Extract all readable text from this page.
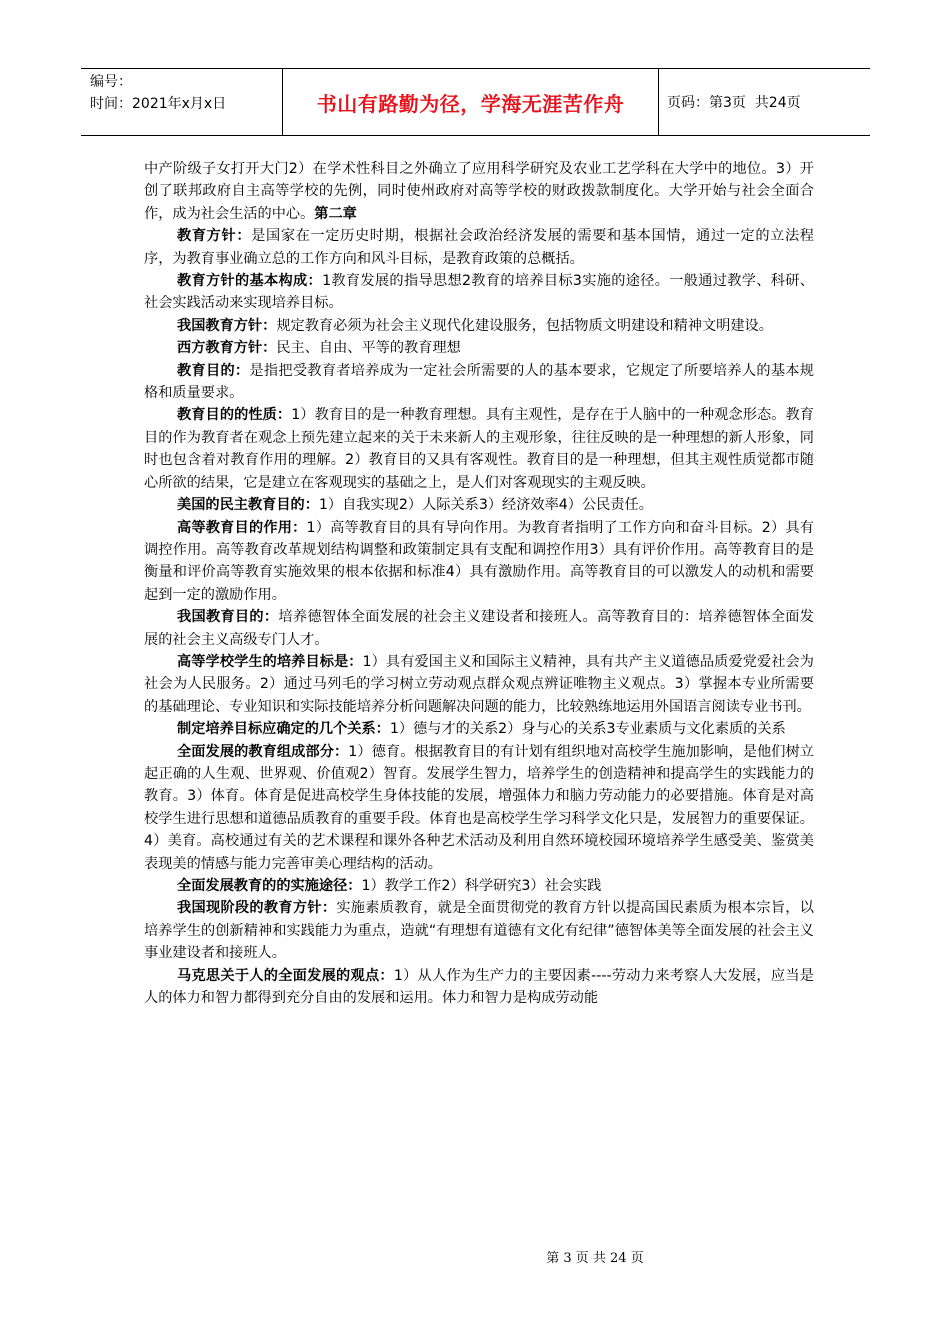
编号：
时间：2021年x月x日	书山有路勤为径，学海无涯苦作舟	页码：第3页  共24页

中产阶级子女打开大门2）在学术性科目之外确立了应用科学研究及农业工艺学科在大学中的地位。3）开创了联邦政府自主高等学校的先例，同时使州政府对高等学校的财政拨款制度化。大学开始与社会全面合作，成为社会生活的中心。第二章

教育方针：是国家在一定历史时期，根据社会政治经济发展的需要和基本国情，通过一定的立法程序，为教育事业确立总的工作方向和风斗目标，是教育政策的总概括。

教育方针的基本构成：1教育发展的指导思想2教育的培养目标3实施的途径。一般通过教学、科研、社会实践活动来实现培养目标。

我国教育方针：规定教育必须为社会主义现代化建设服务，包括物质文明建设和精神文明建设。

西方教育方针：民主、自由、平等的教育理想

教育目的：是指把受教育者培养成为一定社会所需要的人的基本要求，它规定了所要培养人的基本规格和质量要求。

教育目的的性质：1）教育目的是一种教育理想。具有主观性，是存在于人脑中的一种观念形态。教育目的作为教育者在观念上预先建立起来的关于未来新人的主观形象，往往反映的是一种理想的新人形象，同时也包含着对教育作用的理解。2）教育目的又具有客观性。教育目的是一种理想，但其主观性质觉都市随心所欲的结果，它是建立在客观现实的基础之上，是人们对客观现实的主观反映。

美国的民主教育目的：1）自我实现2）人际关系3）经济效率4）公民责任。

高等教育目的作用：1）高等教育目的具有导向作用。为教育者指明了工作方向和奋斗目标。2）具有调控作用。高等教育改革规划结构调整和政策制定具有支配和调控作用3）具有评价作用。高等教育目的是衡量和评价高等教育实施效果的根本依据和标准4）具有激励作用。高等教育目的可以激发人的动机和需要起到一定的激励作用。

我国教育目的：培养德智体全面发展的社会主义建设者和接班人。高等教育目的：培养德智体全面发展的社会主义高级专门人才。

高等学校学生的培养目标是：1）具有爱国主义和国际主义精神，具有共产主义道德品质爱党爱社会为社会为人民服务。2）通过马列毛的学习树立劳动观点群众观点辨证唯物主义观点。3）掌握本专业所需要的基础理论、专业知识和实际技能培养分析问题解决问题的能力，比较熟练地运用外国语言阅读专业书刊。

制定培养目标应确定的几个关系：1）德与才的关系2）身与心的关系3专业素质与文化素质的关系

全面发展的教育组成部分：1）德育。根据教育目的有计划有组织地对高校学生施加影响，是他们树立起正确的人生观、世界观、价值观2）智育。发展学生智力，培养学生的创造精神和提高学生的实践能力的教育。3）体育。体育是促进高校学生身体技能的发展，增强体力和脑力劳动能力的必要措施。体育是对高校学生进行思想和道德品质教育的重要手段。体育也是高校学生学习科学文化只是，发展智力的重要保证。4）美育。高校通过有关的艺术课程和课外各种艺术活动及利用自然环境校园环境培养学生感受美、鉴赏美表现美的情感与能力完善审美心理结构的活动。

全面发展教育的的实施途径：1）教学工作2）科学研究3）社会实践

我国现阶段的教育方针：实施素质教育，就是全面贯彻党的教育方针以提高国民素质为根本宗旨，以培养学生的创新精神和实践能力为重点，造就“有理想有道德有文化有纪律”德智体美等全面发展的社会主义事业建设者和接班人。

马克思关于人的全面发展的观点：1）从人作为生产力的主要因素----劳动力来考察人大发展，应当是人的体力和智力都得到充分自由的发展和运用。体力和智力是构成劳动能

第 3 页 共 24 页
